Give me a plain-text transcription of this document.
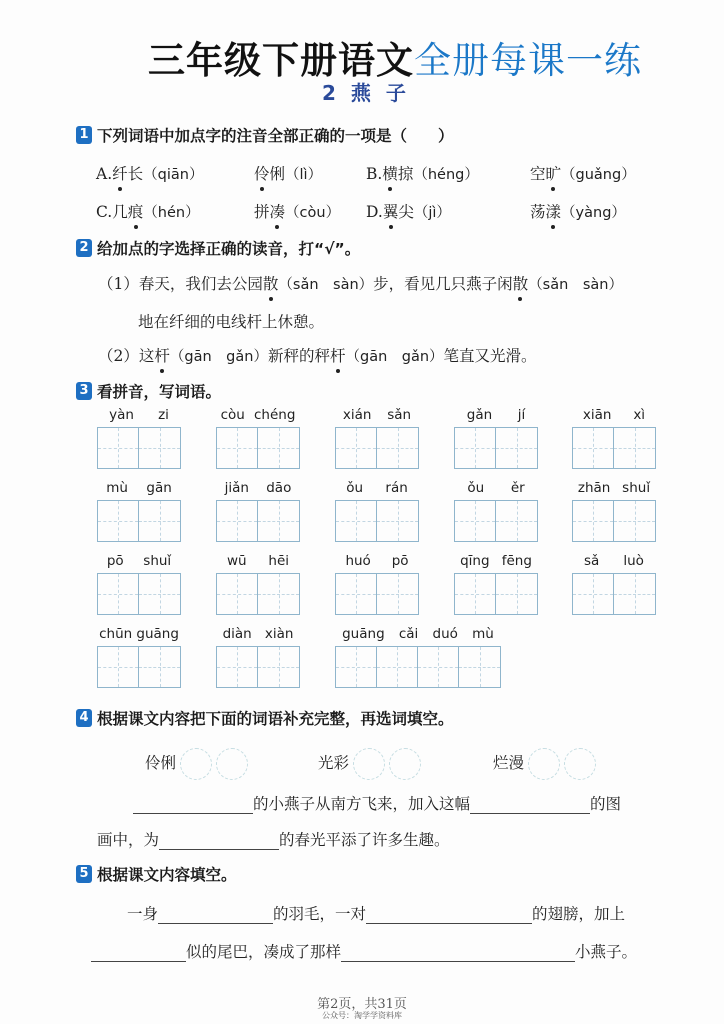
三年级下册语文全册每课一练
2 燕 子
1 下列词语中加点字的注音全部正确的一项是（　　）
A.纤长（qiān）	伶俐（lì）	B.横掠（héng）	空旷（guǎng）
C.几痕（hén）	拼凑（còu） D.翼尖（jì）	荡漾（yàng）
2 给加点的字选择正确的读音，打“√”。
（1）春天，我们去公园散（sǎn　sàn）步，看见几只燕子闲散（sǎn　sàn）
地在纤细的电线杆上休憩。
（2）这杆（gān　gǎn）新秤的秤杆（gān　gǎn）笔直又光滑。
3 看拼音，写词语。
yàn zi	còu chéng	xián sǎn	gǎn jí	xiān xì
mù gān	jiǎn dāo	ǒu rán	ǒu ěr	zhān shuǐ
pō shuǐ	wū hēi	huó pō	qīng fēng	sǎ luò
chūn guāng	diàn xiàn	guāng cǎi duó mù
4 根据课文内容把下面的词语补充完整，再选词填空。
伶俐	光彩	烂漫
的小燕子从南方飞来，加入这幅	的图
画中，为	的春光平添了许多生趣。
5 根据课文内容填空。
一身	的羽毛，一对	的翅膀，加上
似的尾巴，凑成了那样	小燕子。
第2页，共31页
公众号：淘学学资料库
